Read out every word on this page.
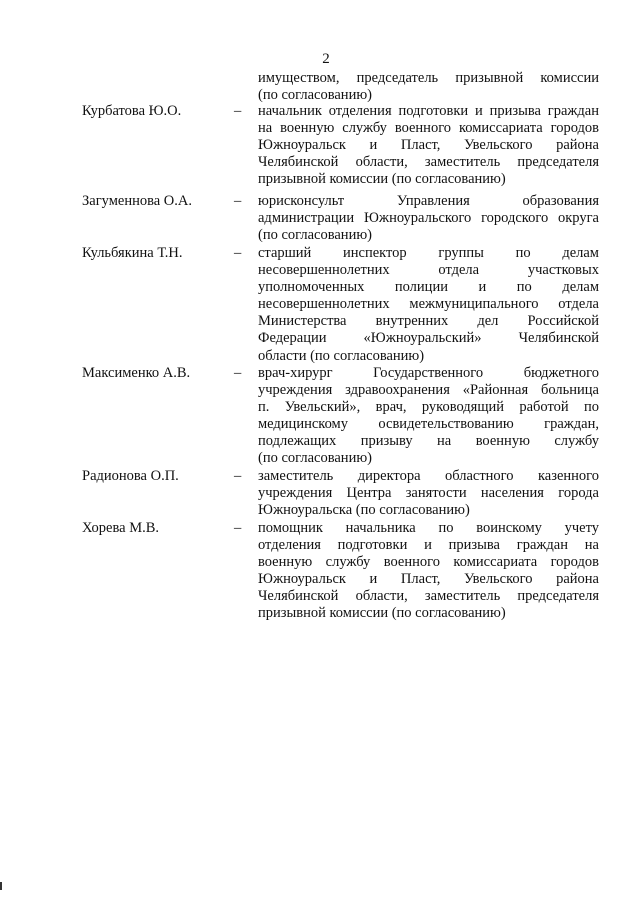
2
имуществом, председатель призывной комиссии
(по согласованию)
Курбатова Ю.О.	– начальник отделения подготовки и призыва граждан
на военную службу военного комиссариата городов
Южноуральск и Пласт, Увельского района
Челябинской области, заместитель председателя
призывной комиссии (по согласованию)
Загуменнова О.А.	– юрисконсульт Управления образования
администрации Южноуральского городского округа
(по согласованию)
Кульбякина Т.Н.	– старший инспектор группы по делам
несовершеннолетних отдела участковых
уполномоченных полиции и по делам
несовершеннолетних межмуниципального отдела
Министерства внутренних дел Российской
Федерации «Южноуральский» Челябинской
области (по согласованию)
Максименко А.В.	– врач-хирург Государственного бюджетного
учреждения здравоохранения «Районная больница
п. Увельский», врач, руководящий работой по
медицинскому освидетельствованию граждан,
подлежащих призыву на военную службу
(по согласованию)
Радионова О.П.	– заместитель директора областного казенного
учреждения Центра занятости населения города
Южноуральска (по согласованию)
Хорева М.В.	– помощник начальника по воинскому учету
отделения подготовки и призыва граждан на
военную службу военного комиссариата городов
Южноуральск и Пласт, Увельского района
Челябинской области, заместитель председателя
призывной комиссии (по согласованию)
